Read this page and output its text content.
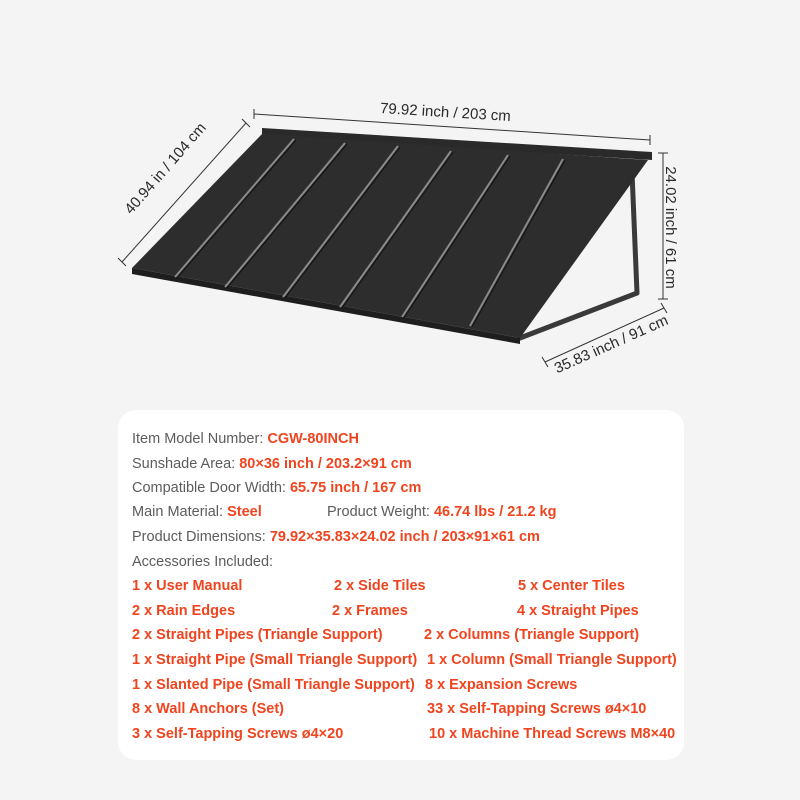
79.92 inch / 203 cm
40.94 in / 104 cm	24.02 inch / 61 cm
35.83 inch / 91 cm
Item Model Number: CGW-80INCH
Sunshade Area: 80×36 inch / 203.2×91 cm
Compatible Door Width: 65.75 inch / 167 cm
Main Material: Steel	Product Weight: 46.74 lbs / 21.2 kg
Product Dimensions: 79.92×35.83×24.02 inch / 203×91×61 cm
Accessories Included:
1 x User Manual	2 x Side Tiles	5 x Center Tiles
2 x Rain Edges	2 x Frames	4 x Straight Pipes
2 x Straight Pipes (Triangle Support)	2 x Columns (Triangle Support)
1 x Straight Pipe (Small Triangle Support) 1 x Column (Small Triangle Support)
1 x Slanted Pipe (Small Triangle Support) 8 x Expansion Screws
8 x Wall Anchors (Set)	33 x Self-Tapping Screws ø4×10
3 x Self-Tapping Screws ø4×20	10 x Machine Thread Screws M8×40
